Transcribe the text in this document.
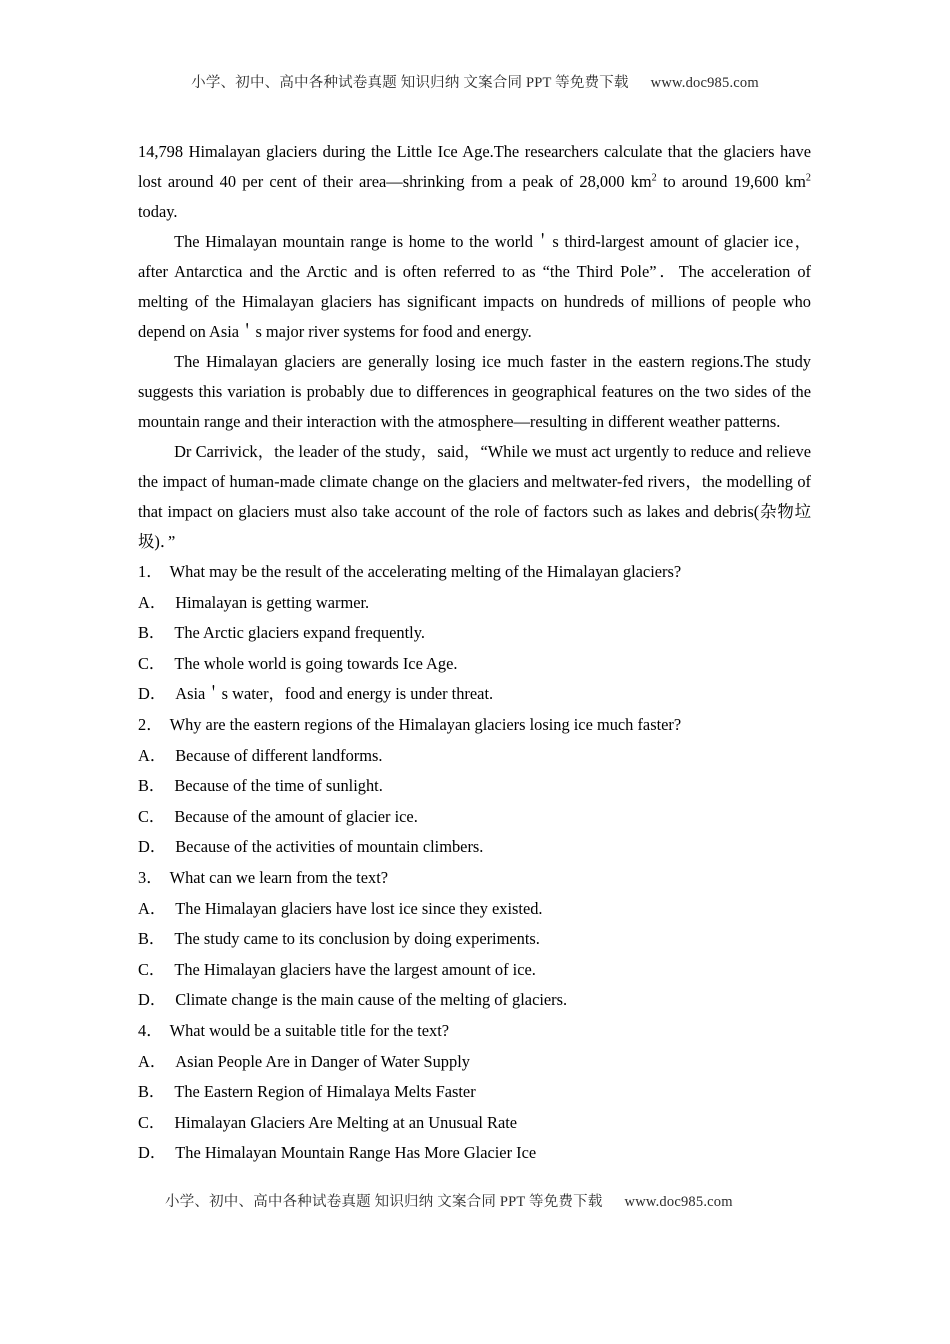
小学、初中、高中各种试卷真题 知识归纳 文案合同 PPT 等免费下载 www.doc985.com

14,798 Himalayan glaciers during the Little Ice Age.The researchers calculate that the glaciers have lost around 40 per cent of their area—shrinking from a peak of 28,000 $km^2$ to around 19,600 $km^2$ today.

The Himalayan mountain range is home to the world＇s third-largest amount of glacier ice，after Antarctica and the Arctic and is often referred to as “the Third Pole”．The acceleration of melting of the Himalayan glaciers has significant impacts on hundreds of millions of people who depend on Asia＇s major river systems for food and energy.

The Himalayan glaciers are generally losing ice much faster in the eastern regions.The study suggests this variation is probably due to differences in geographical features on the two sides of the mountain range and their interaction with the atmosphere—resulting in different weather patterns.

Dr Carrivick，the leader of the study，said，“While we must act urgently to reduce and relieve the impact of human-made climate change on the glaciers and meltwater-fed rivers，the modelling of that impact on glaciers must also take account of the role of factors such as lakes and debris(杂物垃圾)．”

1． What may be the result of the accelerating melting of the Himalayan glaciers?
A． Himalayan is getting warmer.
B． The Arctic glaciers expand frequently.
C． The whole world is going towards Ice Age.
D． Asia＇s water，food and energy is under threat.
2． Why are the eastern regions of the Himalayan glaciers losing ice much faster?
A． Because of different landforms.
B． Because of the time of sunlight.
C． Because of the amount of glacier ice.
D． Because of the activities of mountain climbers.
3． What can we learn from the text?
A． The Himalayan glaciers have lost ice since they existed.
B． The study came to its conclusion by doing experiments.
C． The Himalayan glaciers have the largest amount of ice.
D． Climate change is the main cause of the melting of glaciers.
4． What would be a suitable title for the text?
A． Asian People Are in Danger of Water Supply
B． The Eastern Region of Himalaya Melts Faster
C． Himalayan Glaciers Are Melting at an Unusual Rate
D． The Himalayan Mountain Range Has More Glacier Ice
小学、初中、高中各种试卷真题 知识归纳 文案合同 PPT 等免费下载 www.doc985.com
